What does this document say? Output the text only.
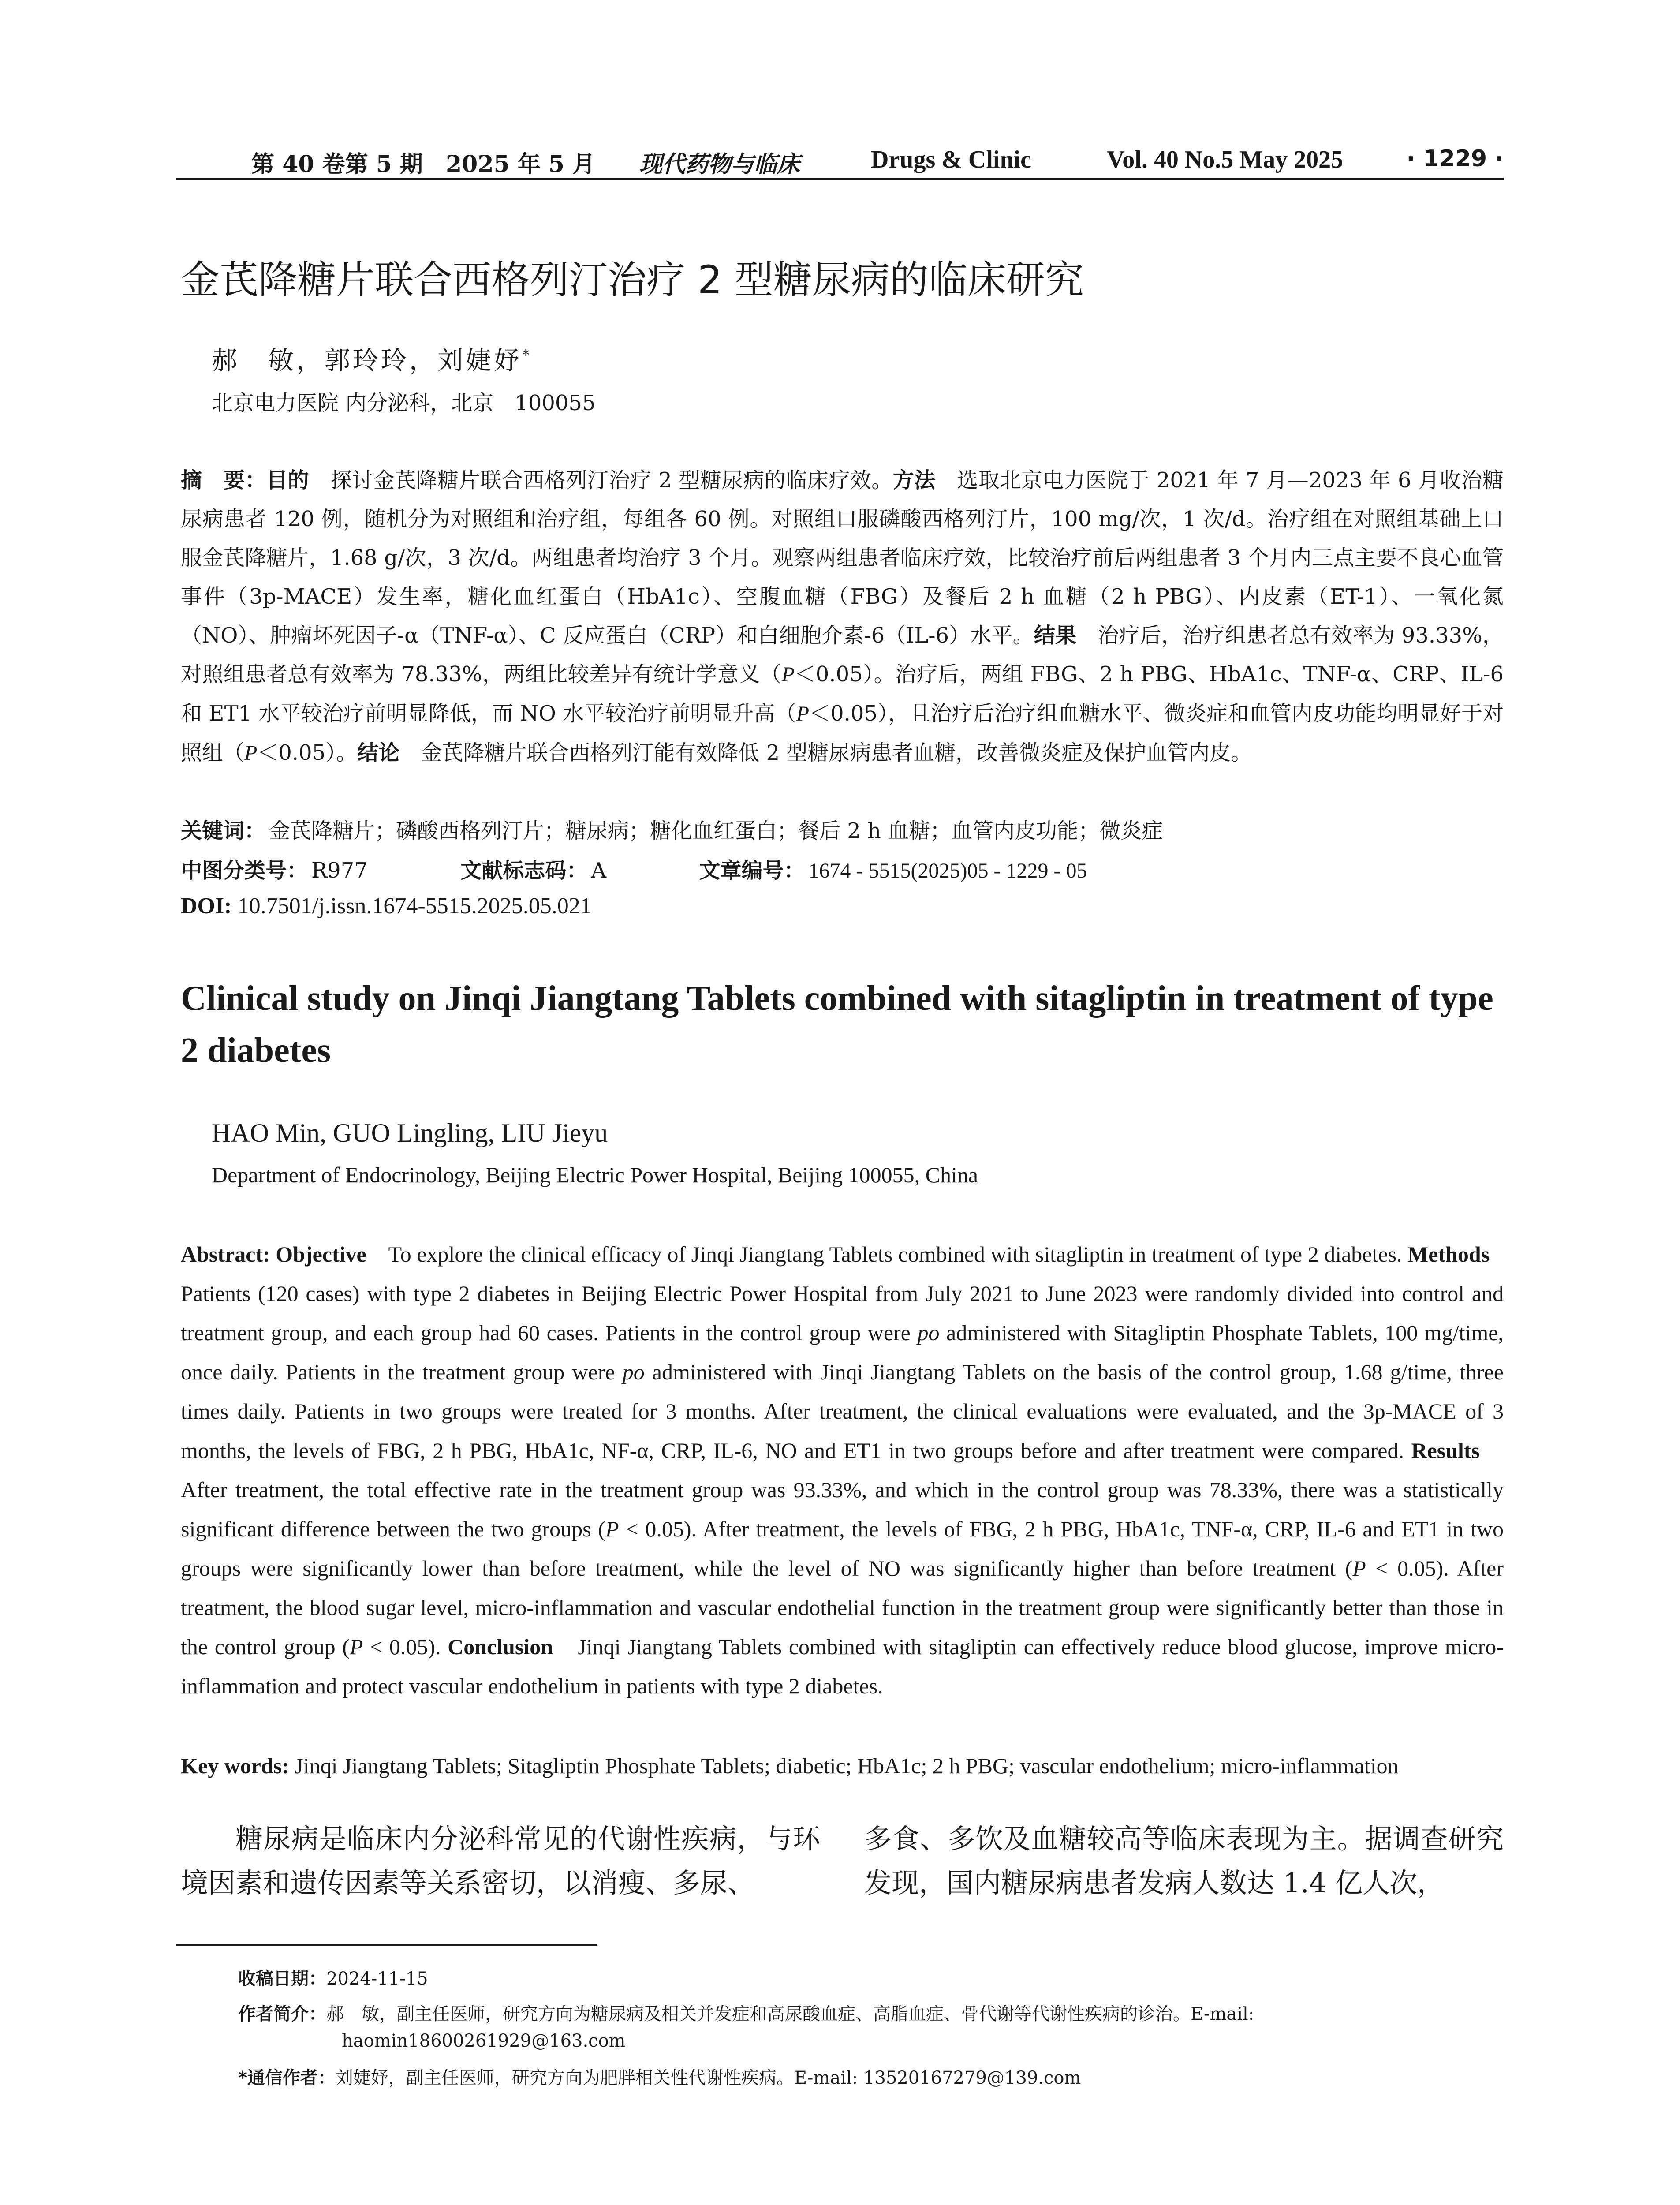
第 40 卷第 5 期　2025 年 5 月 现代药物与临床	Drugs & Clinic	Vol. 40 No.5 May 2025	· 1229 ·
金芪降糖片联合西格列汀治疗 2 型糖尿病的临床研究
郝　敏，郭玲玲，刘婕妤*
北京电力医院 内分泌科，北京　100055
摘　要：目的　探讨金芪降糖片联合西格列汀治疗 2 型糖尿病的临床疗效。方法　选取北京电力医院于 2021 年 7 月—2023 年 6 月收治糖尿病患者 120 例，随机分为对照组和治疗组，每组各 60 例。对照组口服磷酸西格列汀片，100 mg/次，1 次/d。治疗组在对照组基础上口服金芪降糖片，1.68 g/次，3 次/d。两组患者均治疗 3 个月。观察两组患者临床疗效，比较治疗前后两组患者 3 个月内三点主要不良心血管事件（3p-MACE）发生率，糖化血红蛋白（HbA1c）、空腹血糖（FBG）及餐后 2 h 血糖（2 h PBG）、内皮素（ET-1）、一氧化氮（NO）、肿瘤坏死因子-α（TNF-α）、C 反应蛋白（CRP）和白细胞介素-6（IL-6）水平。结果　治疗后，治疗组患者总有效率为 93.33%，对照组患者总有效率为 78.33%，两组比较差异有统计学意义（P＜0.05）。治疗后，两组 FBG、2 h PBG、HbA1c、TNF-α、CRP、IL-6 和 ET1 水平较治疗前明显降低，而 NO 水平较治疗前明显升高（P＜0.05），且治疗后治疗组血糖水平、微炎症和血管内皮功能均明显好于对照组（P＜0.05）。结论　金芪降糖片联合西格列汀能有效降低 2 型糖尿病患者血糖，改善微炎症及保护血管内皮。
关键词： 金芪降糖片；磷酸西格列汀片；糖尿病；糖化血红蛋白；餐后 2 h 血糖；血管内皮功能；微炎症
中图分类号： R977	文献标志码： A	文章编号： 1674 - 5515(2025)05 - 1229 - 05
DOI: 10.7501/j.issn.1674-5515.2025.05.021
Clinical study on Jinqi Jiangtang Tablets combined with sitagliptin in treatment of type 2 diabetes
HAO Min, GUO Lingling, LIU Jieyu
Department of Endocrinology, Beijing Electric Power Hospital, Beijing 100055, China
Abstract: Objective　To explore the clinical efficacy of Jinqi Jiangtang Tablets combined with sitagliptin in treatment of type 2 diabetes. Methods　Patients (120 cases) with type 2 diabetes in Beijing Electric Power Hospital from July 2021 to June 2023 were randomly divided into control and treatment group, and each group had 60 cases. Patients in the control group were po administered with Sitagliptin Phosphate Tablets, 100 mg/time, once daily. Patients in the treatment group were po administered with Jinqi Jiangtang Tablets on the basis of the control group, 1.68 g/time, three times daily. Patients in two groups were treated for 3 months. After treatment, the clinical evaluations were evaluated, and the 3p-MACE of 3 months, the levels of FBG, 2 h PBG, HbA1c, NF-α, CRP, IL-6, NO and ET1 in two groups before and after treatment were compared. Results　After treatment, the total effective rate in the treatment group was 93.33%, and which in the control group was 78.33%, there was a statistically significant difference between the two groups (P < 0.05). After treatment, the levels of FBG, 2 h PBG, HbA1c, TNF-α, CRP, IL-6 and ET1 in two groups were significantly lower than before treatment, while the level of NO was significantly higher than before treatment (P < 0.05). After treatment, the blood sugar level, micro-inflammation and vascular endothelial function in the treatment group were significantly better than those in the control group (P < 0.05). Conclusion　Jinqi Jiangtang Tablets combined with sitagliptin can effectively reduce blood glucose, improve micro-inflammation and protect vascular endothelium in patients with type 2 diabetes.
Key words: Jinqi Jiangtang Tablets; Sitagliptin Phosphate Tablets; diabetic; HbA1c; 2 h PBG; vascular endothelium; micro-inflammation
糖尿病是临床内分泌科常见的代谢性疾病，与环境因素和遗传因素等关系密切，以消瘦、多尿、
多食、多饮及血糖较高等临床表现为主。据调查研究发现，国内糖尿病患者发病人数达 1.4 亿人次，
收稿日期：2024-11-15
作者简介：郝　敏，副主任医师，研究方向为糖尿病及相关并发症和高尿酸血症、高脂血症、骨代谢等代谢性疾病的诊治。E-mail:
haomin18600261929@163.com
*通信作者：刘婕妤，副主任医师，研究方向为肥胖相关性代谢性疾病。E-mail: 13520167279@139.com
